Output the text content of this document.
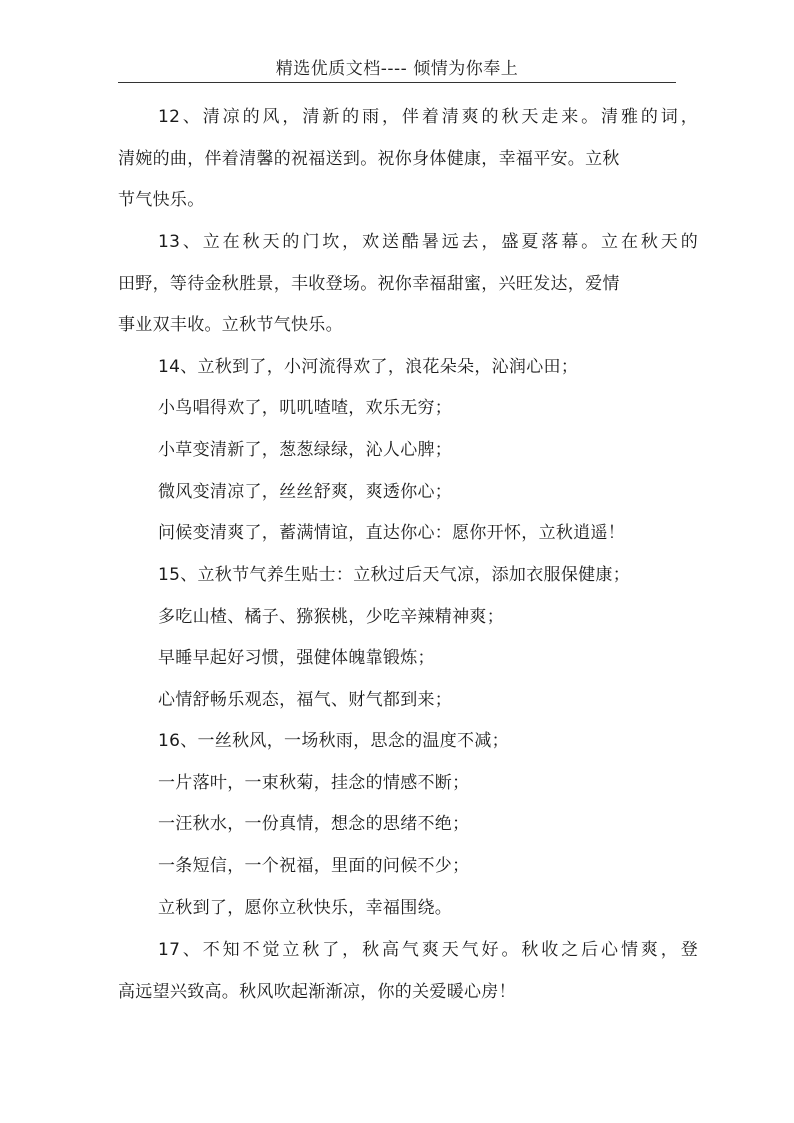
精选优质文档---- 倾情为你奉上
12、清凉的风，清新的雨，伴着清爽的秋天走来。清雅的词，
清婉的曲，伴着清馨的祝福送到。祝你身体健康，幸福平安。立秋
节气快乐。
13、立在秋天的门坎，欢送酷暑远去，盛夏落幕。立在秋天的
田野，等待金秋胜景，丰收登场。祝你幸福甜蜜，兴旺发达，爱情
事业双丰收。立秋节气快乐。
14、立秋到了，小河流得欢了，浪花朵朵，沁润心田；
小鸟唱得欢了，叽叽喳喳，欢乐无穷；
小草变清新了，葱葱绿绿，沁人心脾；
微风变清凉了，丝丝舒爽，爽透你心；
问候变清爽了，蓄满情谊，直达你心：愿你开怀，立秋逍遥！
15、立秋节气养生贴士：立秋过后天气凉，添加衣服保健康；
多吃山楂、橘子、猕猴桃，少吃辛辣精神爽；
早睡早起好习惯，强健体魄靠锻炼；
心情舒畅乐观态，福气、财气都到来；
16、一丝秋风，一场秋雨，思念的温度不减；
一片落叶，一束秋菊，挂念的情感不断；
一汪秋水，一份真情，想念的思绪不绝；
一条短信，一个祝福，里面的问候不少；
立秋到了，愿你立秋快乐，幸福围绕。
17、不知不觉立秋了，秋高气爽天气好。秋收之后心情爽，登
高远望兴致高。秋风吹起渐渐凉，你的关爱暖心房！
